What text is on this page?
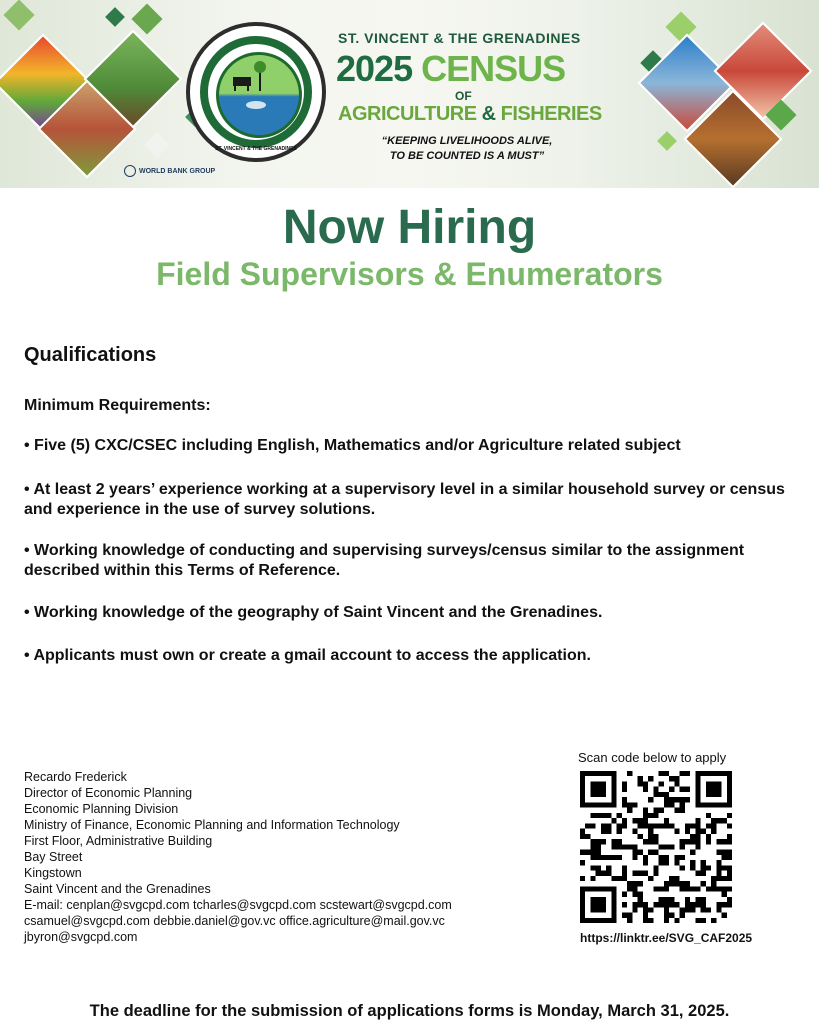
ST. VINCENT & THE GRENADINES
ST. VINCENT & THE GRENADINES
2025 CENSUS
OF
AGRICULTURE & FISHERIES
“KEEPING LIVELIHOODS ALIVE,
TO BE COUNTED IS A MUST”
WORLD BANK GROUP
Now Hiring
Field Supervisors & Enumerators
Qualifications
Minimum Requirements:
• Five (5) CXC/CSEC including English, Mathematics and/or Agriculture related subject
• At least 2 years’ experience working at a supervisory level in a similar household survey or census and experience in the use of survey solutions.
• Working knowledge of conducting and supervising surveys/census similar to the assignment described within this Terms of Reference.
• Working knowledge of the geography of Saint Vincent and the Grenadines.
• Applicants must own or create a gmail account to access the application.
Recardo Frederick
Director of Economic Planning
Economic Planning Division
Ministry of Finance, Economic Planning and Information Technology
First Floor, Administrative Building
Bay Street
Kingstown
Saint Vincent and the Grenadines
E-mail: cenplan@svgcpd.com tcharles@svgcpd.com scstewart@svgcpd.com
csamuel@svgcpd.com debbie.daniel@gov.vc office.agriculture@mail.gov.vc
jbyron@svgcpd.com
Scan code below to apply
https://linktr.ee/SVG_CAF2025
The deadline for the submission of applications forms is Monday, March 31, 2025.
